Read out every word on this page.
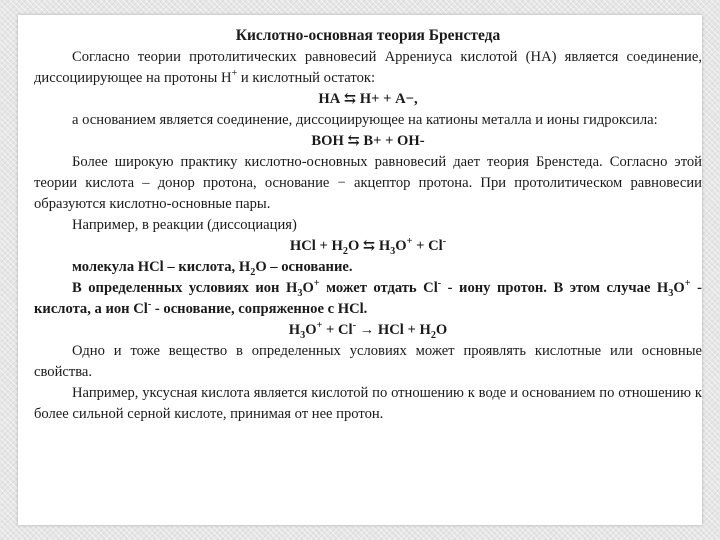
Кислотно-основная теория Бренстеда

Согласно теории протолитических равновесий Аррениуса кислотой (НА) является соединение, диссоциирующее на протоны Н+ и кислотный остаток:

НА ⇆ Н+ + А−,

а основанием является соединение, диссоциирующее на катионы металла и ионы гидроксила:

ВОН ⇆ В+ + ОН-

Более широкую практику кислотно-основных равновесий дает теория Бренстеда. Согласно этой теории кислота – донор протона, основание − акцептор протона. При протолитическом равновесии образуются кислотно-основные пары.

Например, в реакции (диссоциация)

HCl + $H_2O$ ⇆ $H_3O^+ + Cl^-$

молекула HCl – кислота, $H_2O$ – основание.

В определенных условиях ион $H_3O^+$ может отдать Cl- - иону протон. В этом случае $H_3O^+$ - кислота, а ион Cl- - основание, сопряженное с HCl.

$H_3O^+ + Cl^-$ → HCl + $H_2O$

Одно и тоже вещество в определенных условиях может проявлять кислотные или основные свойства.

Например, уксусная кислота является кислотой по отношению к воде и основанием по отношению к более сильной серной кислоте, принимая от нее протон.
